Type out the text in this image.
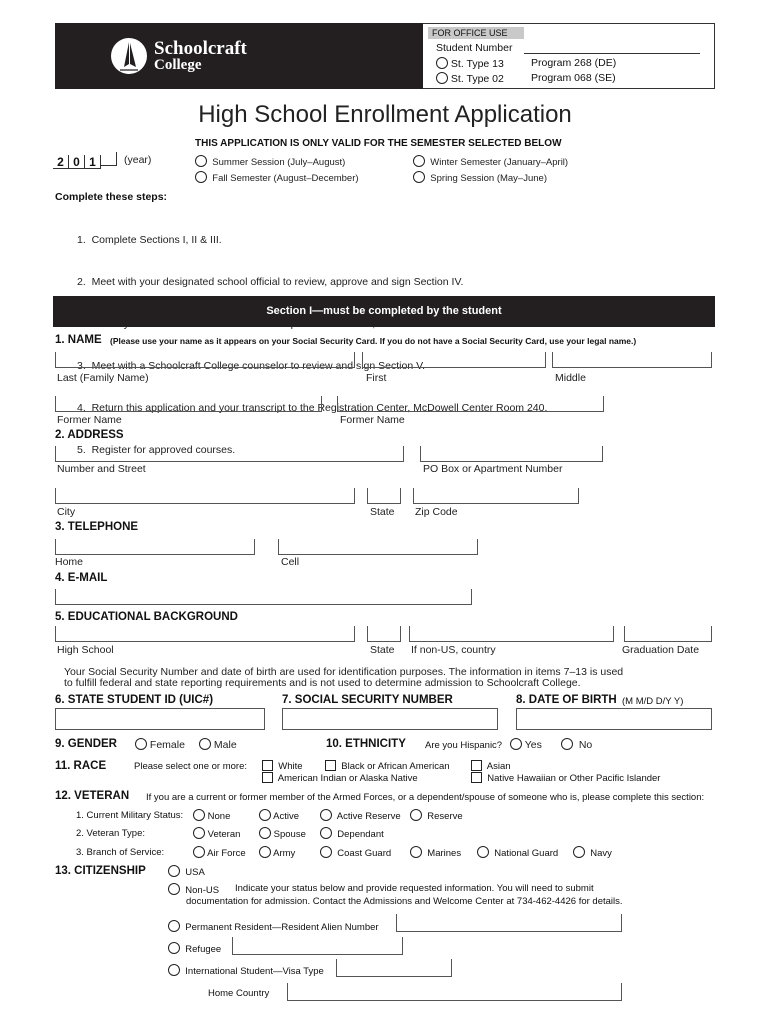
Schoolcraft
College
FOR OFFICE USE
Student Number
St. Type 13
St. Type 02
Program 268 (DE)
Program 068 (SE)
High School Enrollment Application
THIS APPLICATION IS ONLY VALID FOR THE SEMESTER SELECTED BELOW
2 0 1	(year)	Summer Session (July–August)
Fall Semester (August–December)
Winter Semester (January–April)
Spring Session (May–June)
Complete these steps:

1.  Complete Sections I, II & III.

2.  Meet with your designated school official to review, approve and sign Section IV.

3.  Meet with a Schoolcraft College counselor to review and sign Section V.

4.  Return this application and your transcript to the Registration Center, McDowell Center Room 240.

5.  Register for approved courses.

Section I—must be completed by the student
1. NAME (Please use your name as it appears on your Social Security Card. If you do not have a Social Security Card, use your legal name.)
Last (Family Name)	First	Middle
Former Name	Former Name
2. ADDRESS
Number and Street	PO Box or Apartment Number
City	State Zip Code
3. TELEPHONE
Home	Cell
4. E-MAIL
5. EDUCATIONAL BACKGROUND
High School	State If non-US, country	Graduation Date
Your Social Security Number and date of birth are used for identification purposes. The information in items 7–13 is used
to fulfill federal and state reporting requirements and is not used to determine admission to Schoolcraft College.
6. STATE STUDENT ID (UIC#)	7. SOCIAL SECURITY NUMBER	8. DATE OF BIRTH (M M/D D/Y Y)
9. GENDER	Female	Male	10. ETHNICITY Are you Hispanic?	Yes	No
11. RACE	Please select one or more:	White	Black or African American	Asian
American Indian or Alaska Native	Native Hawaiian or Other Pacific Islander
12. VETERAN If you are a current or former member of the Armed Forces, or a dependent/spouse of someone who is, please complete this section:
1. Current Military Status:	None	Active	Active Reserve	Reserve
2. Veteran Type:	Veteran	Spouse	Dependant
3. Branch of Service:	Air Force	Army	Coast Guard	Marines	National Guard	Navy
13. CITIZENSHIP	USA
Non-US Indicate your status below and provide requested information. You will need to submit
documentation for admission. Contact the Admissions and Welcome Center at 734-462-4426 for details.
Permanent Resident—Resident Alien Number
Refugee
International Student—Visa Type
Home Country
